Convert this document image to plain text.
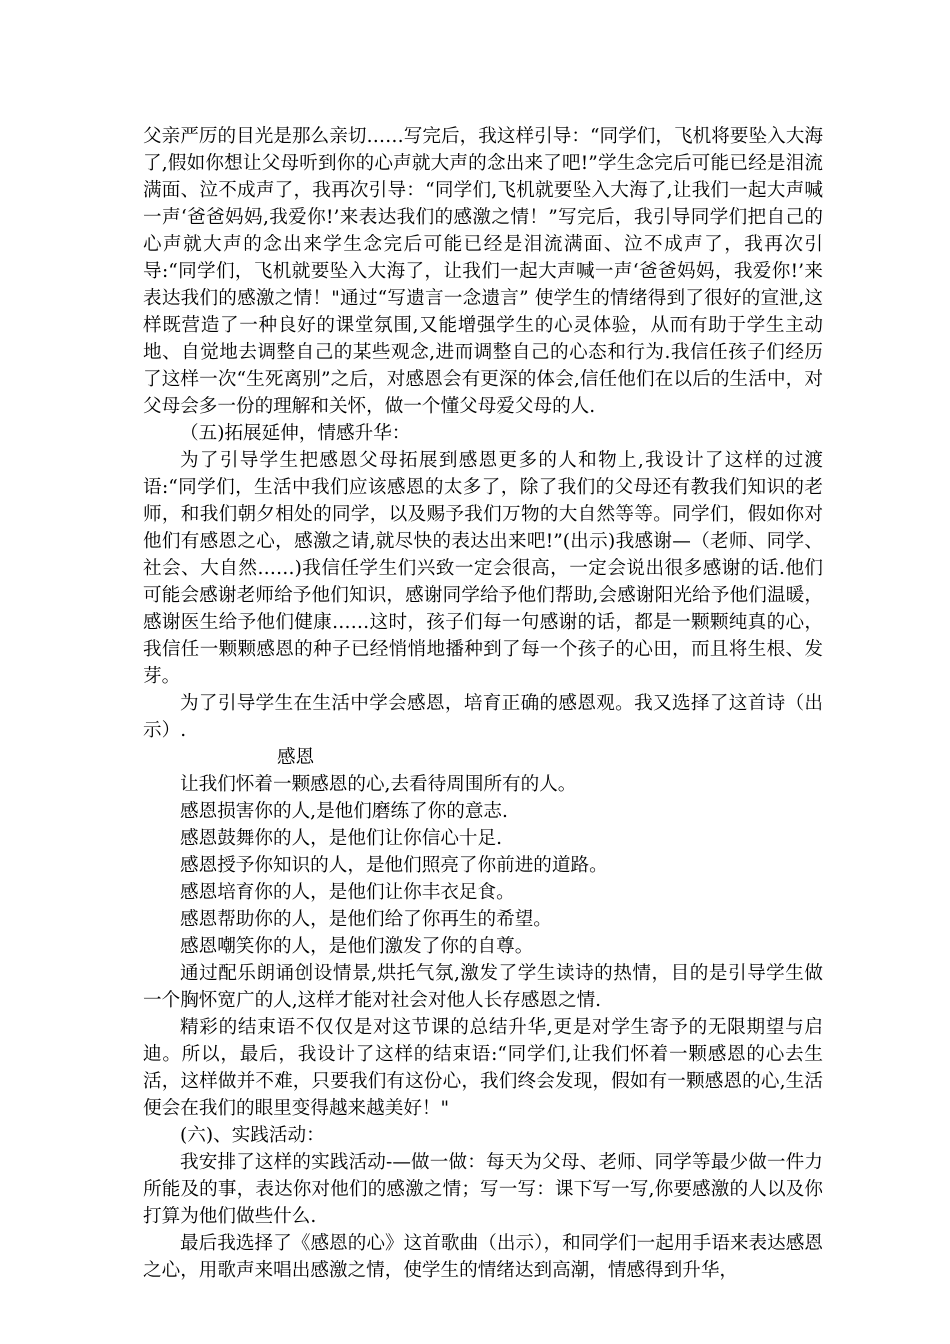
父亲严厉的目光是那么亲切……写完后，我这样引导：“同学们，飞机将要坠入大海了,假如你想让父母听到你的心声就大声的念出来了吧!”学生念完后可能已经是泪流满面、泣不成声了，我再次引导：“同学们,飞机就要坠入大海了,让我们一起大声喊一声‘爸爸妈妈,我爱你!’来表达我们的感激之情！”写完后，我引导同学们把自己的心声就大声的念出来学生念完后可能已经是泪流满面、泣不成声了，我再次引导:“同学们，飞机就要坠入大海了，让我们一起大声喊一声‘爸爸妈妈，我爱你!’来表达我们的感激之情！"通过“写遗言一念遗言” 使学生的情绪得到了很好的宣泄,这样既营造了一种良好的课堂氛围,又能增强学生的心灵体验，从而有助于学生主动地、自觉地去调整自己的某些观念,进而调整自己的心态和行为.我信任孩子们经历了这样一次“生死离别”之后，对感恩会有更深的体会,信任他们在以后的生活中，对父母会多一份的理解和关怀，做一个懂父母爱父母的人.

（五)拓展延伸，情感升华：

为了引导学生把感恩父母拓展到感恩更多的人和物上,我设计了这样的过渡语:“同学们，生活中我们应该感恩的太多了，除了我们的父母还有教我们知识的老师，和我们朝夕相处的同学，以及赐予我们万物的大自然等等。同学们，假如你对他们有感恩之心，感激之请,就尽快的表达出来吧!”(出示)我感谢—（老师、同学、社会、大自然……)我信任学生们兴致一定会很高，一定会说出很多感谢的话.他们可能会感谢老师给予他们知识，感谢同学给予他们帮助,会感谢阳光给予他们温暖，感谢医生给予他们健康……这时，孩子们每一句感谢的话，都是一颗颗纯真的心，我信任一颗颗感恩的种子已经悄悄地播种到了每一个孩子的心田，而且将生根、发芽。

为了引导学生在生活中学会感恩，培育正确的感恩观。我又选择了这首诗（出示）.

感恩

让我们怀着一颗感恩的心,去看待周围所有的人。

感恩损害你的人,是他们磨练了你的意志.

感恩鼓舞你的人，是他们让你信心十足.

感恩授予你知识的人，是他们照亮了你前进的道路。

感恩培育你的人，是他们让你丰衣足食。

感恩帮助你的人，是他们给了你再生的希望。

感恩嘲笑你的人，是他们激发了你的自尊。

通过配乐朗诵创设情景,烘托气氛,激发了学生读诗的热情，目的是引导学生做一个胸怀宽广的人,这样才能对社会对他人长存感恩之情.

精彩的结束语不仅仅是对这节课的总结升华,更是对学生寄予的无限期望与启迪。所以，最后，我设计了这样的结束语:“同学们,让我们怀着一颗感恩的心去生活，这样做并不难，只要我们有这份心，我们终会发现，假如有一颗感恩的心,生活便会在我们的眼里变得越来越美好！"

(六)、实践活动：

我安排了这样的实践活动-—做一做：每天为父母、老师、同学等最少做一件力所能及的事，表达你对他们的感激之情；写一写：课下写一写,你要感激的人以及你打算为他们做些什么.

最后我选择了《感恩的心》这首歌曲（出示），和同学们一起用手语来表达感恩之心，用歌声来唱出感激之情，使学生的情绪达到高潮，情感得到升华，
